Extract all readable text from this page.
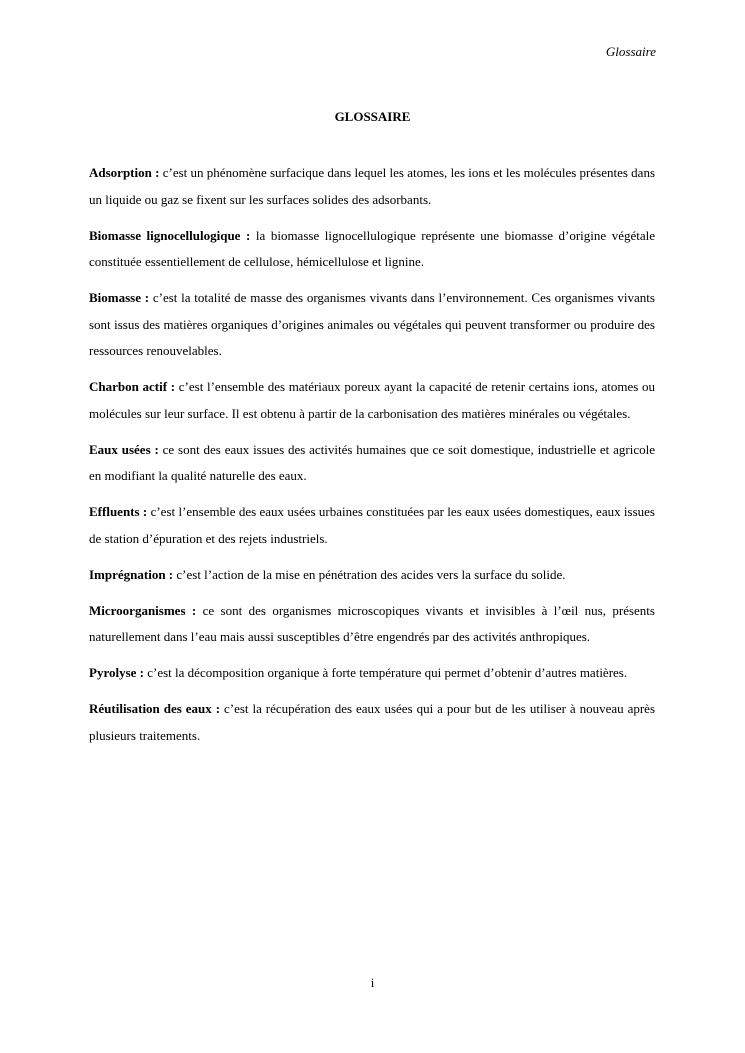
Glossaire
GLOSSAIRE

Adsorption : c’est un phénomène surfacique dans lequel les atomes, les ions et les molécules présentes dans un liquide ou gaz se fixent sur les surfaces solides des adsorbants.

Biomasse lignocellulogique : la biomasse lignocellulogique représente une biomasse d’origine végétale constituée essentiellement de cellulose, hémicellulose et lignine.

Biomasse : c’est la totalité de masse des organismes vivants dans l’environnement. Ces organismes vivants sont issus des matières organiques d’origines animales ou végétales qui peuvent transformer ou produire des ressources renouvelables.

Charbon actif : c’est l’ensemble des matériaux poreux ayant la capacité de retenir certains ions, atomes ou molécules sur leur surface. Il est obtenu à partir de la carbonisation des matières minérales ou végétales.

Eaux usées : ce sont des eaux issues des activités humaines que ce soit domestique, industrielle et agricole en modifiant la qualité naturelle des eaux.

Effluents : c’est l’ensemble des eaux usées urbaines constituées par les eaux usées domestiques, eaux issues de station d’épuration et des rejets industriels.

Imprégnation : c’est l’action de la mise en pénétration des acides vers la surface du solide.

Microorganismes : ce sont des organismes microscopiques vivants et invisibles à l’œil nus, présents naturellement dans l’eau mais aussi susceptibles d’être engendrés par des activités anthropiques.

Pyrolyse : c’est la décomposition organique à forte température qui permet d’obtenir d’autres matières.

Réutilisation des eaux : c’est la récupération des eaux usées qui a pour but de les utiliser à nouveau après plusieurs traitements.

i
